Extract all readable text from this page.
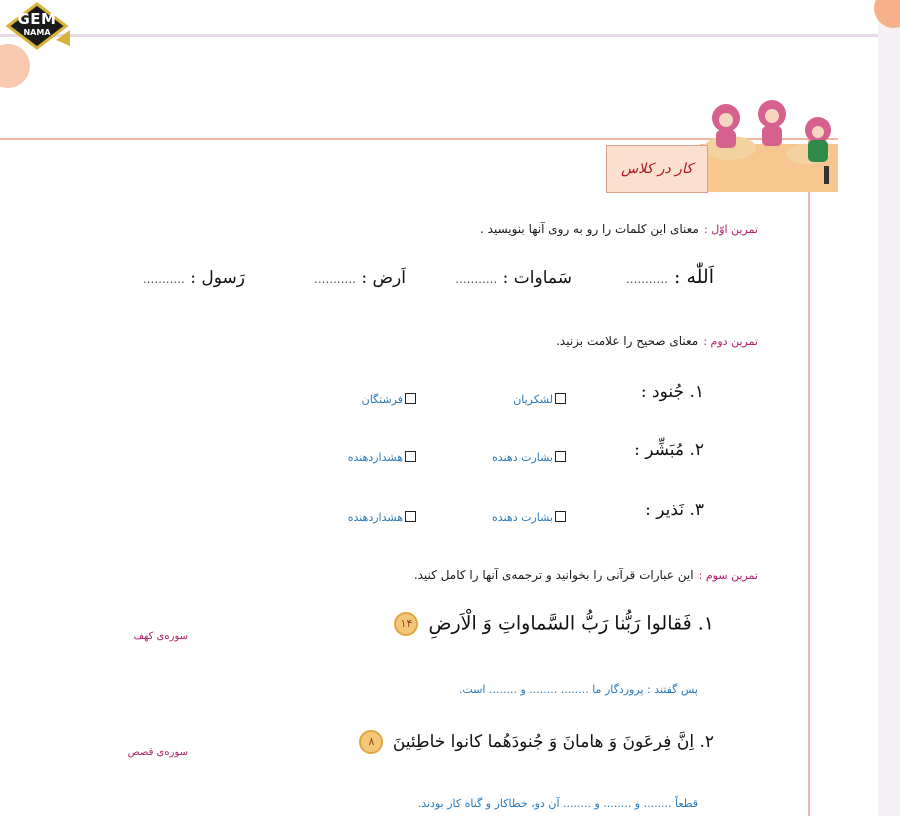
GEM
NAMA
کار در کلاس
تمرین اوّل : معنای این کلمات را رو به روی آنها بنویسید .
اَللّٰه : ...........
سَماوات : ...........
اَرض : ...........
رَسول : ...........
تمرین دوم : معنای صحیح را علامت بزنید.
۱. جُنود :
لشکریان
فرشتگان
۲. مُبَشِّر :
بشارت دهنده
هشداردهنده
۳. نَذیر :
بشارت دهنده
هشداردهنده
تمرین سوم : این عبارات قرآنی را بخوانید و ترجمه‌ی آنها را کامل کنید.
۱. فَقالوا رَبُّنا رَبُّ السَّماواتِ وَ الْاَرضِ ۱۴
سوره‌ی کهف
پس گفتند : پروردگار ما ........ ........ و ........ است.
۲. اِنَّ فِرعَونَ وَ هامانَ وَ جُنودَهُما كانوا خاطِئينَ ۸
سوره‌ی قصص
قطعاً ........ و ........ و ........ آن دو، خطاکار و گناه کار بودند.
